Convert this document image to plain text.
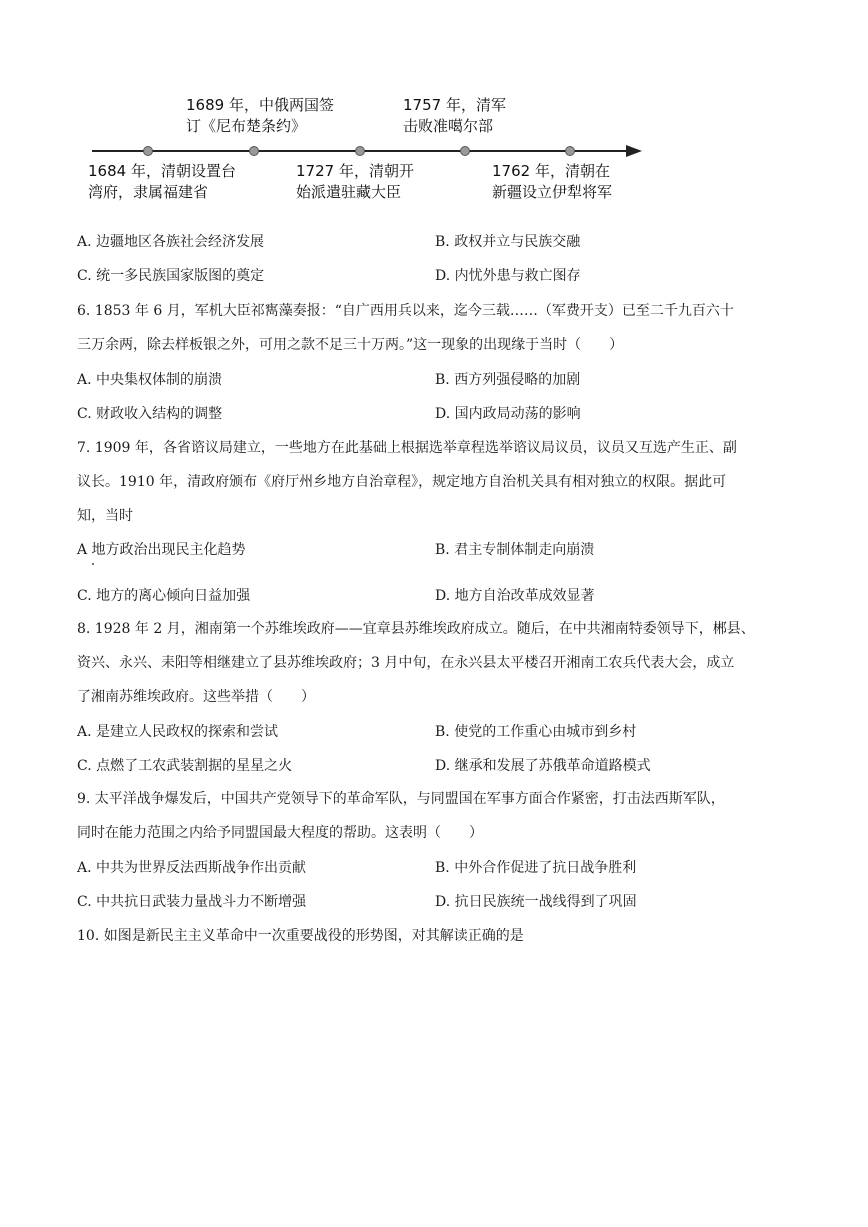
1689 年，中俄两国签
订《尼布楚条约》
1757 年，清军
击败准噶尔部
1684 年，清朝设置台
湾府，隶属福建省
1727 年，清朝开
始派遣驻藏大臣
1762 年，清朝在
新疆设立伊犁将军
A. 边疆地区各族社会经济发展	B. 政权并立与民族交融
C. 统一多民族国家版图的奠定	D. 内忧外患与救亡图存
6. 1853 年 6 月，军机大臣祁寯藻奏报：“自广西用兵以来，迄今三载……（军费开支）已至二千九百六十
三万余两，除去样板银之外，可用之款不足三十万两。”这一现象的出现缘于当时（　　）
A. 中央集权体制的崩溃	B. 西方列强侵略的加剧
C. 财政收入结构的调整	D. 国内政局动荡的影响
7. 1909 年，各省谘议局建立，一些地方在此基础上根据选举章程选举谘议局议员，议员又互选产生正、副
议长。1910 年，清政府颁布《府厅州乡地方自治章程》，规定地方自治机关具有相对独立的权限。据此可
知，当时
A 地方政治出现民主化趋势	B. 君主专制体制走向崩溃
C. 地方的离心倾向日益加强	D. 地方自治改革成效显著
8. 1928 年 2 月，湘南第一个苏维埃政府——宜章县苏维埃政府成立。随后，在中共湘南特委领导下，郴县、
资兴、永兴、耒阳等相继建立了县苏维埃政府；3 月中旬，在永兴县太平楼召开湘南工农兵代表大会，成立
了湘南苏维埃政府。这些举措（　　）
A. 是建立人民政权的探索和尝试	B. 使党的工作重心由城市到乡村
C. 点燃了工农武装割据的星星之火	D. 继承和发展了苏俄革命道路模式
9. 太平洋战争爆发后，中国共产党领导下的革命军队，与同盟国在军事方面合作紧密，打击法西斯军队，
同时在能力范围之内给予同盟国最大程度的帮助。这表明（　　）
A. 中共为世界反法西斯战争作出贡献	B. 中外合作促进了抗日战争胜利
C. 中共抗日武装力量战斗力不断增强	D. 抗日民族统一战线得到了巩固
10. 如图是新民主主义革命中一次重要战役的形势图，对其解读正确的是
